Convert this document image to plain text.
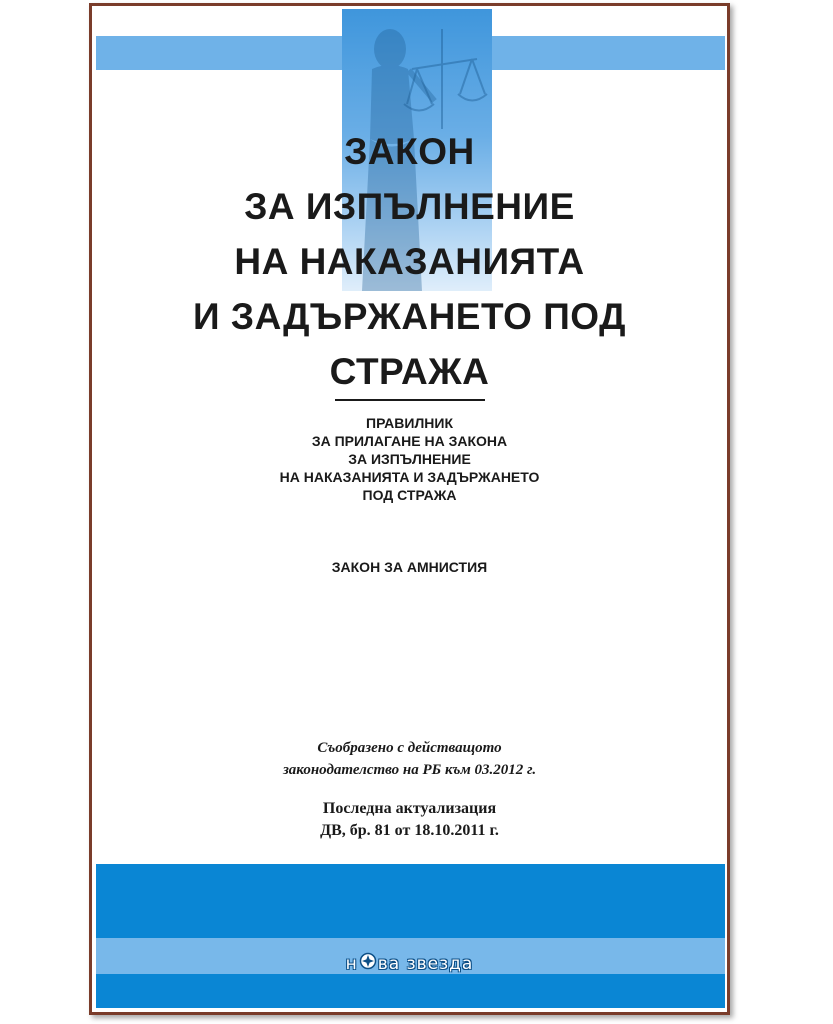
ЗАКОН
ЗА ИЗПЪЛНЕНИЕ
НА НАКАЗАНИЯТА
И ЗАДЪРЖАНЕТО ПОД
СТРАЖА
ПРАВИЛНИК
ЗА ПРИЛАГАНЕ НА ЗАКОНА
ЗА ИЗПЪЛНЕНИЕ
НА НАКАЗАНИЯТА И ЗАДЪРЖАНЕТО
ПОД СТРАЖА
ЗАКОН ЗА АМНИСТИЯ
Съобразено с действащото
законодателство на РБ към 03.2012 г.
Последна актуализация
ДВ, бр. 81 от 18.10.2011 г.
н ва звезда
